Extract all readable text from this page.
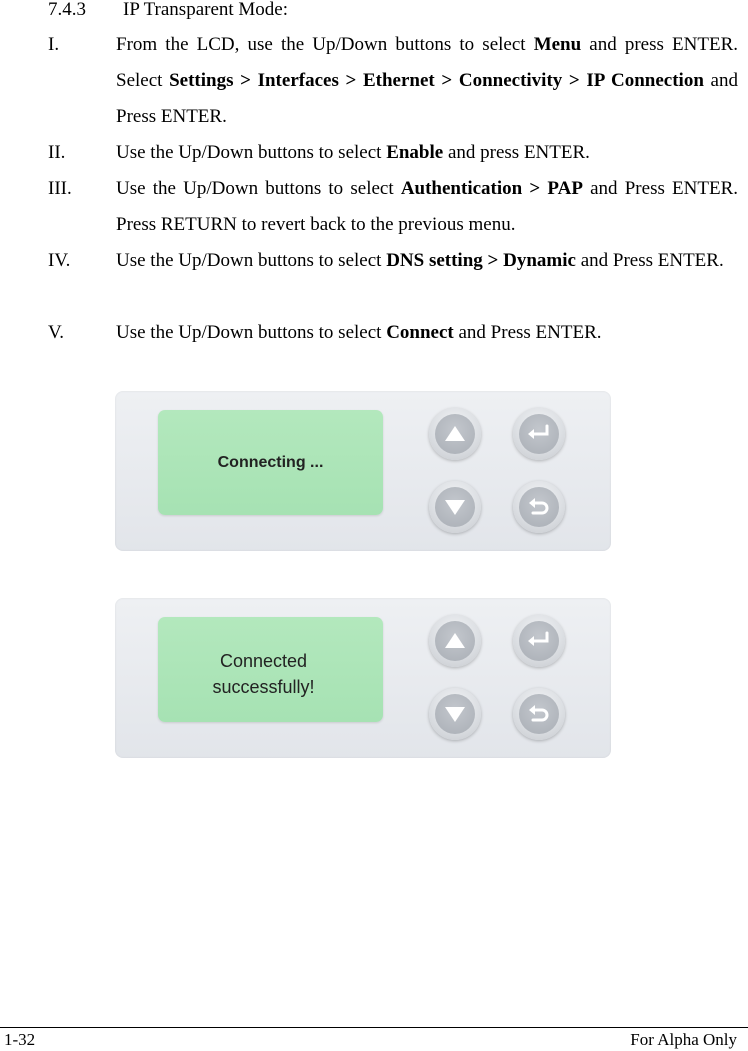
7.4.3 IP Transparent Mode:
I.	From the LCD, use the Up/Down buttons to select Menu and press ENTER. Select Settings > Interfaces > Ethernet > Connectivity > IP Connection and Press ENTER.
II.	Use the Up/Down buttons to select Enable and press ENTER.
III. Use the Up/Down buttons to select Authentication > PAP and Press ENTER. Press RETURN to revert back to the previous menu.
IV. Use the Up/Down buttons to select DNS setting > Dynamic and Press ENTER.
V.	Use the Up/Down buttons to select Connect and Press ENTER.
Connecting ...
Connected
successfully!
1-32	For Alpha Only
